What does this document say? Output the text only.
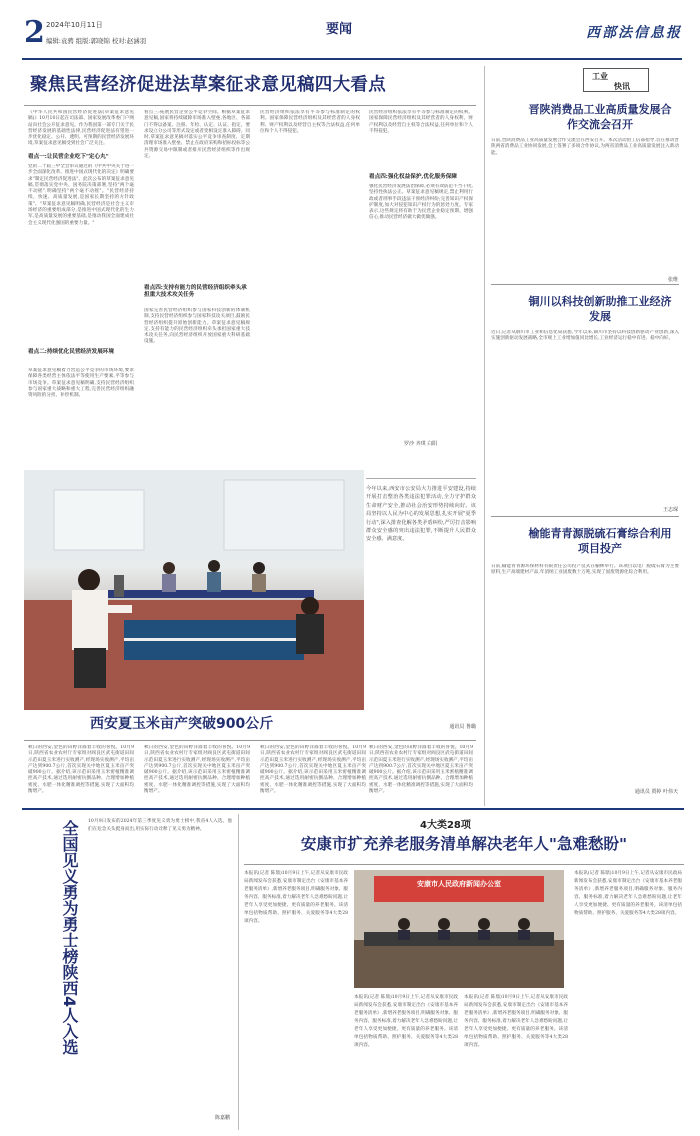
2 2024年10月11日
编辑:袁骋 组版:郭晓锦 校对:赵涵羽
要闻	西部法信息报
聚焦民营经济促进法草案征求意见稿四大看点
《中华人民共和国民营经济促进法(草案征求意见稿)》10月10日起在司法部、国家发展改革委门户网站向社会公开征求意见。作为我国第一部专门关于民营经济发展的基础性法律,民营经济促进法有望进一步优化稳定、公开、透明、可预期的民营经济发展环境,草案征求意见稿受到社会广泛关注。
看点一:让民营企业吃下"定心丸"
党的二十届三中全会审议通过的《中共中央关于进一步全面深化改革、推进中国式现代化的决定》明确要求"制定民营经济促进法"。此次公布的草案征求意见稿,贯彻落实党中央、国务院决策部署,坚持"两个毫不动摇",明确坚持"两个毫不动摇"。"民营经济持续、快速、高质量发展,是国家长期坚持的方针政策"。"草案征求意见稿明确,民营经济是社会主义市场经济的重要组成部分,是推进中国式现代化的生力军,是高质量发展的重要基础,是推动我国全面建成社会主义现代化强国的重要力量。"
看点二:持续优化民营经济发展环境
草案征求意见稿着力营造公平竞争的市场环境,要求保障各类经营主体依法平等使用生产要素,平等参与市场竞争。草案征求意见稿明确,支持民营经济组织参与国家重大战略和重大工程,完善民营经济组织融资风险的分担、补偿机制。
看点三:拓展民营企业公平竞争空间。根据草案征求意见稿,国家将持续破除市场准入壁垒,各地区、各部门不得以备案、注册、年检、认定、认证、指定、要求设立分公司等形式设定或者变相设定准入障碍。同时,草案征求意见稿对落实公平竞争审查制度、定期清理市场准入壁垒、禁止在政府采购和招标投标等公共资源交易中限制或者排斥民营经济组织等作出规定。
看点四:支持有能力的民营经济组织牵头承担重大技术攻关任务
国家完善民营经济组织参与国家科技创新的体制机制,支持民营经济组织参与国家科技攻关项目,鼓励民营经济组织提升原始创新能力。草案征求意见稿规定,支持有能力的民营经济组织牵头承担国家重大技术攻关任务,向民营经济组织开放国家重大科研基础设施。
民营经济组织依法享有平等参与标准制定的权利。国家保障民营经济组织及其经营者的人身权利、财产权利以及经营自主权等合法权益,任何单位和个人不得侵犯。
民营经济组织依法享有平等参与标准制定的权利。国家保障民营经济组织及其经营者的人身权利、财产权利以及经营自主权等合法权益,任何单位和个人不得侵犯。
看点四:强化权益保护,优化服务保障
强化民营经济发展法治保障,必须有效防范不当干扰,坚持性执法公正。草案征求意见稿规定,禁止利用行政或者刑事手段违法干预经济纠纷;完善知识产权保护制度,加大对侵犯知识产权行为的惩处力度。专家表示,这些规定将有助于为民营企业稳定预期、增强信心,推动民营经济做大做优做强。
罗沙 齐琪 白阳
今年以来,西安市公安局大力推进平安建设,持续开展打击整治各类违法犯罪活动,全力守护群众生命财产安全,推动社会治安形势持续向好。该局坚持以人民为中心的发展思想,扎实开展"夏季行动",深入排查化解各类矛盾纠纷,严厉打击影响群众安全感的突出违法犯罪,不断提升人民群众安全感、满意度。
通讯员 鲁璐
西安夏玉米亩产突破900公斤
秋日的西安,金色的田野洋溢着丰收的喜悦。10月9日,陕西省农业农村厅专家组对阎良区武屯街道田间示范田夏玉米进行实收测产,经现场实收测产,平均亩产达到900.7公斤,首次实现关中地区夏玉米亩产突破900公斤。据介绍,该示范田采用玉米密植精准调控高产技术,通过选用耐密抗倒品种、合理增加种植密度、水肥一体化精准调控等措施,实现了大面积均衡增产。
秋日的西安,金色的田野洋溢着丰收的喜悦。10月9日,陕西省农业农村厅专家组对阎良区武屯街道田间示范田夏玉米进行实收测产,经现场实收测产,平均亩产达到900.7公斤,首次实现关中地区夏玉米亩产突破900公斤。据介绍,该示范田采用玉米密植精准调控高产技术,通过选用耐密抗倒品种、合理增加种植密度、水肥一体化精准调控等措施,实现了大面积均衡增产。
秋日的西安,金色的田野洋溢着丰收的喜悦。10月9日,陕西省农业农村厅专家组对阎良区武屯街道田间示范田夏玉米进行实收测产,经现场实收测产,平均亩产达到900.7公斤,首次实现关中地区夏玉米亩产突破900公斤。据介绍,该示范田采用玉米密植精准调控高产技术,通过选用耐密抗倒品种、合理增加种植密度、水肥一体化精准调控等措施,实现了大面积均衡增产。
秋日的西安,金色的田野洋溢着丰收的喜悦。10月9日,陕西省农业农村厅专家组对阎良区武屯街道田间示范田夏玉米进行实收测产,经现场实收测产,平均亩产达到900.7公斤,首次实现关中地区夏玉米亩产突破900公斤。据介绍,该示范田采用玉米密植精准调控高产技术,通过选用耐密抗倒品种、合理增加种植密度、水肥一体化精准调控等措施,实现了大面积均衡增产。
工业
快讯
晋陕消费品工业高质量发展合作交流会召开
日前,晋陕消费品工业高质量发展合作交流会在西安召开。本次活动由工信部指导,旨在推动晋陕两省消费品工业协同发展,会上签署了多项合作协议,为两省消费品工业高质量发展注入新动能。
张维
铜川以科技创新助推工业经济发展
近日,记者从铜川市工业和信息化局获悉,今年以来,铜川市坚持以科技创新驱动产业创新,深入实施创新驱动发展战略,全市规上工业增加值同比增长,工业经济运行稳中有进、稳中向好。
王志琛
榆能青青源脱硫石膏综合利用项目投产
日前,榆能青青源环保材料有限责任公司投产仪式在榆林举行。该项目以电厂脱硫石膏为主要原料,生产高端建材产品,年消纳工业固废数十万吨,实现了固废资源化综合利用。
通讯员 贾婷 叶伟天
全国见义勇为勇士榜陕西4人入选 10月9日发布的2024年第三季度见义勇为勇士榜中,我省4人入选。他们在危急关头挺身而出,用实际行动诠释了见义勇为精神。
陈嘉鹏
4大类28项
安康市扩充养老服务清单解决老年人"急难愁盼"
本报讯(记者 陈鼎)10月9日上午,记者从安康市民政局新闻发布会获悉,安康市制定出台《安康市基本养老服务清单》,新增养老服务项目,明确服务对象、服务内容、服务标准,着力解决老年人急难愁盼问题,让老年人享受更加便捷、更有质量的养老服务。该清单包括物质帮助、照护服务、关爱服务等4大类28项内容。
安康市人民政府新闻办公室
本报讯(记者 陈鼎)10月9日上午,记者从安康市民政局新闻发布会获悉,安康市制定出台《安康市基本养老服务清单》,新增养老服务项目,明确服务对象、服务内容、服务标准,着力解决老年人急难愁盼问题,让老年人享受更加便捷、更有质量的养老服务。该清单包括物质帮助、照护服务、关爱服务等4大类28项内容。
本报讯(记者 陈鼎)10月9日上午,记者从安康市民政局新闻发布会获悉,安康市制定出台《安康市基本养老服务清单》,新增养老服务项目,明确服务对象、服务内容、服务标准,着力解决老年人急难愁盼问题,让老年人享受更加便捷、更有质量的养老服务。该清单包括物质帮助、照护服务、关爱服务等4大类28项内容。
本报讯(记者 陈鼎)10月9日上午,记者从安康市民政局新闻发布会获悉,安康市制定出台《安康市基本养老服务清单》,新增养老服务项目,明确服务对象、服务内容、服务标准,着力解决老年人急难愁盼问题,让老年人享受更加便捷、更有质量的养老服务。该清单包括物质帮助、照护服务、关爱服务等4大类28项内容。
